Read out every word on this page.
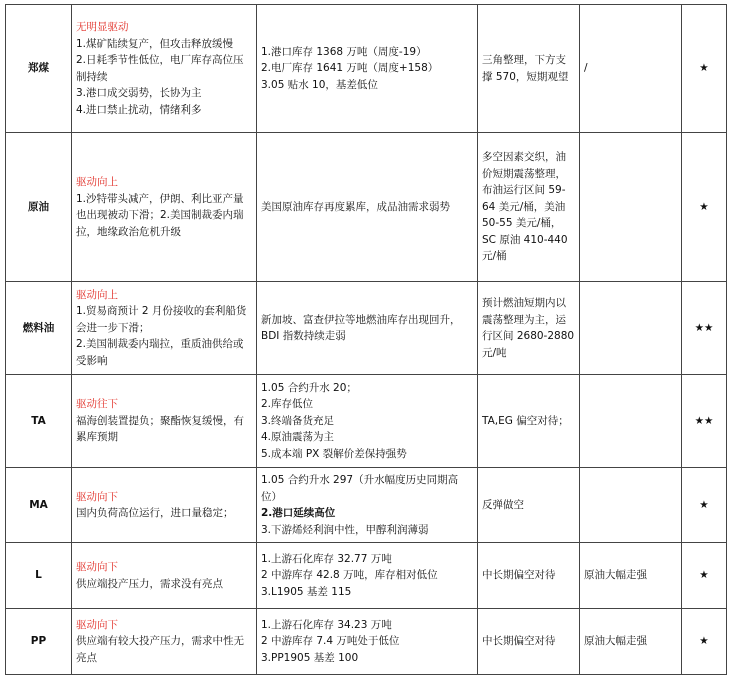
郑煤	无明显驱动
1.煤矿陆续复产，但攻击释放缓慢
2.日耗季节性低位，电厂库存高位压制持续
3.港口成交弱势，长协为主
4.进口禁止扰动，情绪利多	1.港口库存 1368 万吨（周度-19）
2.电厂库存 1641 万吨（周度+158）
3.05 贴水 10，基差低位	三角整理，下方支撑 570，短期观望	/	★
原油	驱动向上
1.沙特带头减产，伊朗、利比亚产量也出现被动下滑；2.美国制裁委内瑞拉，地缘政治危机升级	美国原油库存再度累库，成品油需求弱势	多空因素交织，油价短期震荡整理，布油运行区间 59-64 美元/桶，美油 50-55 美元/桶，SC 原油 410-440 元/桶		★
燃料油	驱动向上
1.贸易商预计 2 月份接收的套利船货会进一步下滑；
2.美国制裁委内瑞拉，重质油供给或受影响	新加坡、富查伊拉等地燃油库存出现回升，BDI 指数持续走弱	预计燃油短期内以震荡整理为主，运行区间 2680-2880 元/吨		★★
TA	驱动往下
福海创装置提负；聚酯恢复缓慢，有累库预期	1.05 合约升水 20；
2.库存低位
3.终端备货充足
4.原油震荡为主
5.成本端 PX 裂解价差保持强势	TA,EG 偏空对待；		★★
MA	驱动向下
国内负荷高位运行，进口量稳定；	1.05 合约升水 297（升水幅度历史同期高位）
2.港口延续高位
3.下游烯烃利润中性，甲醇利润薄弱	反弹做空		★
L	驱动向下
供应端投产压力，需求没有亮点	1.上游石化库存 32.77 万吨
2 中游库存 42.8 万吨，库存相对低位
3.L1905 基差 115	中长期偏空对待	原油大幅走强	★
PP	驱动向下
供应端有较大投产压力，需求中性无亮点	1.上游石化库存 34.23 万吨
2 中游库存 7.4 万吨处于低位
3.PP1905 基差 100	中长期偏空对待	原油大幅走强	★
